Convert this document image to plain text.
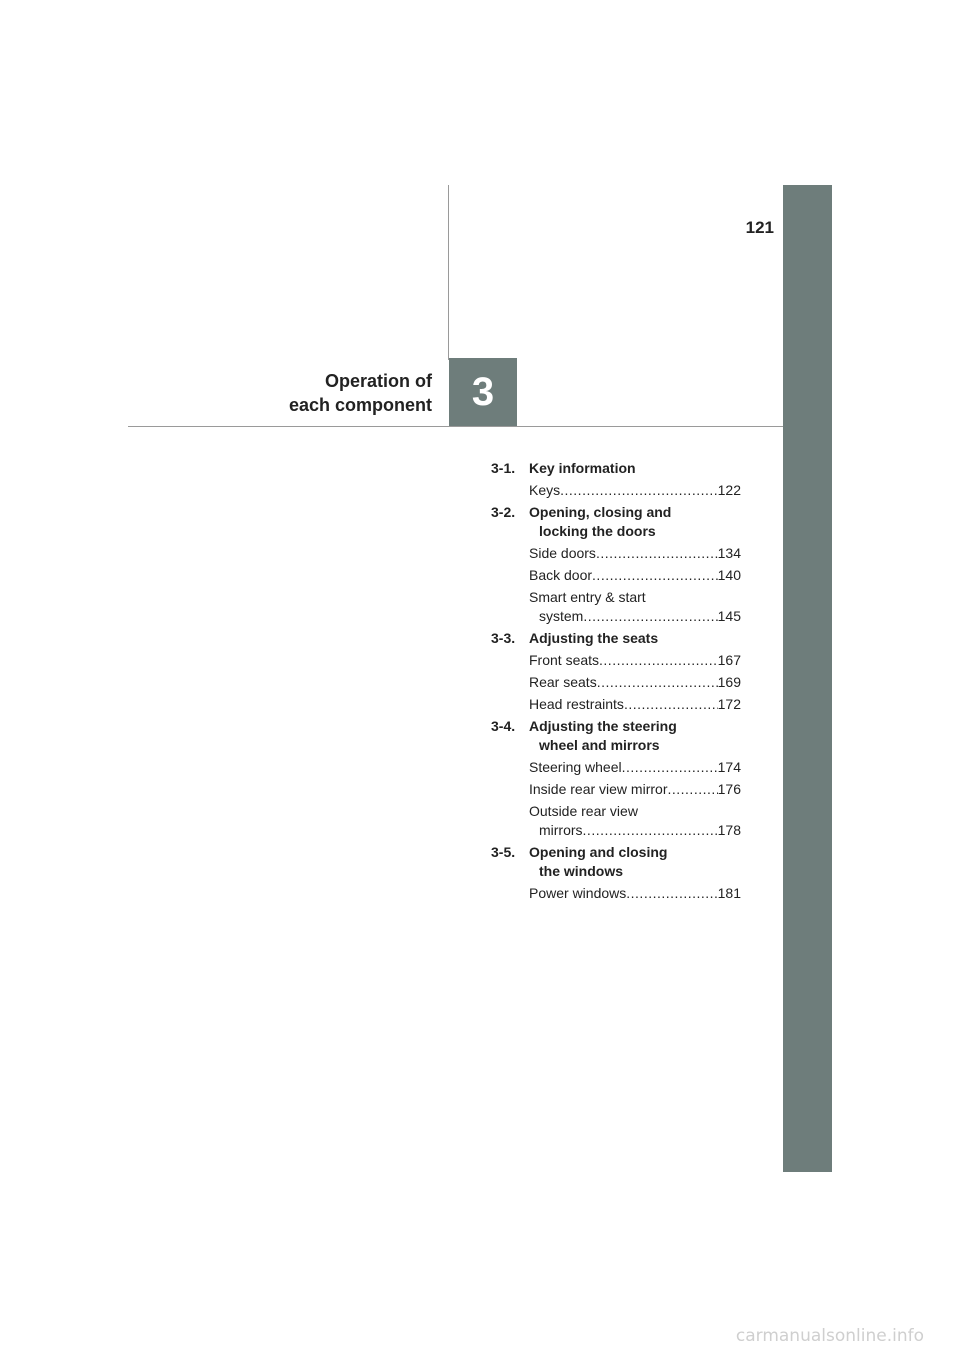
121
3
Operation of
each component
3-1. Key information
Keys .....	122
3-2. Opening, closing and
locking the doors
Side doors .....	134
Back door .....	140
Smart entry & start
system .....	145
3-3. Adjusting the seats
Front seats .....	167
Rear seats .....	169
Head restraints .....	172
3-4. Adjusting the steering
wheel and mirrors
Steering wheel .....	174
Inside rear view mirror .....	176
Outside rear view
mirrors .....	178
3-5. Opening and closing
the windows
Power windows .....	181
carmanualsonline.info
